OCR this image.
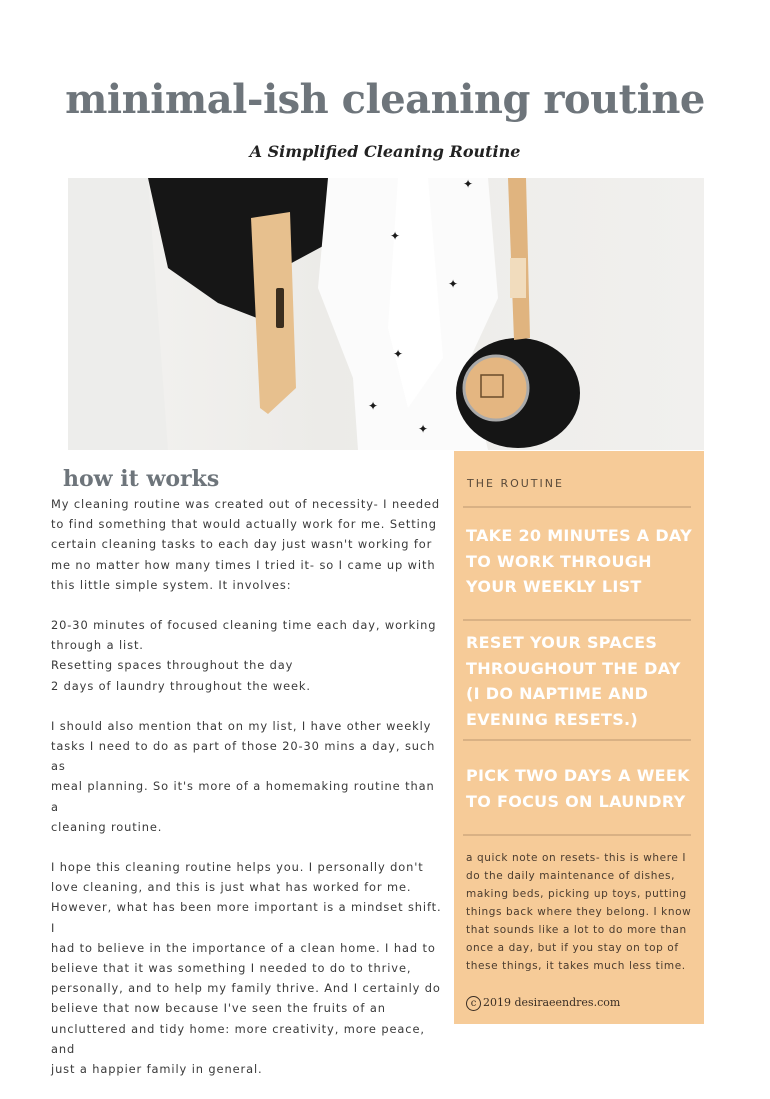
minimal-ish cleaning routine
A Simplified Cleaning Routine
✦
✦
✦
✦
✦
✦
how it works

My cleaning routine was created out of necessity- I needed
to find something that would actually work for me. Setting
certain cleaning tasks to each day just wasn't working for
me no matter how many times I tried it- so I came up with
this little simple system. It involves:

20-30 minutes of focused cleaning time each day, working
through a list.
Resetting spaces throughout the day
2 days of laundry throughout the week.

I should also mention that on my list, I have other weekly
tasks I need to do as part of those 20-30 mins a day, such as
meal planning. So it's more of a homemaking routine than a
cleaning routine.

I hope this cleaning routine helps you. I personally don't
love cleaning, and this is just what has worked for me.
However, what has been more important is a mindset shift. I
had to believe in the importance of a clean home. I had to
believe that it was something I needed to do to thrive,
personally, and to help my family thrive. And I certainly do
believe that now because I've seen the fruits of an
uncluttered and tidy home: more creativity, more peace, and
just a happier family in general.

THE ROUTINE
TAKE 20 MINUTES A DAY TO WORK THROUGH YOUR WEEKLY LIST
RESET YOUR SPACES THROUGHOUT THE DAY (I DO NAPTIME AND EVENING RESETS.)
PICK TWO DAYS A WEEK TO FOCUS ON LAUNDRY
a quick note on resets- this is where I do the daily maintenance of dishes, making beds, picking up toys, putting things back where they belong. I know that sounds like a lot to do more than once a day, but if you stay on top of these things, it takes much less time.
c 2019 desiraeendres.com
